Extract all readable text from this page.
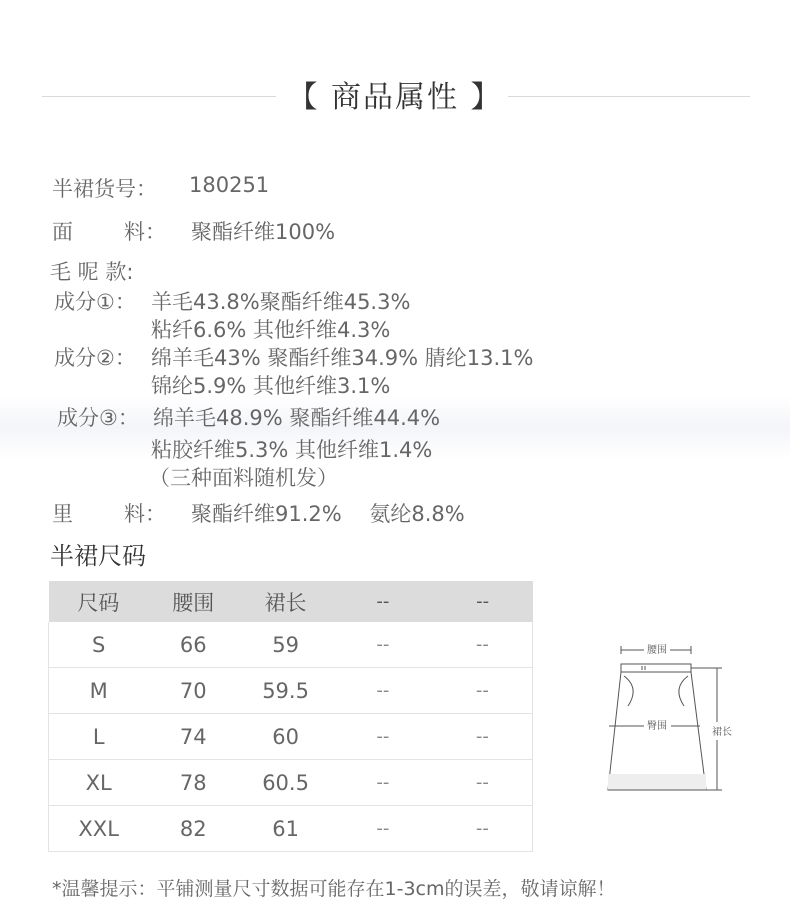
【 商品属性 】
半裙货号： 180251
面 料： 聚酯纤维100%
毛 呢 款:
成分①： 羊毛43.8%聚酯纤维45.3%
粘纤6.6% 其他纤维4.3%
成分②： 绵羊毛43% 聚酯纤维34.9% 腈纶13.1%
锦纶5.9% 其他纤维3.1%
成分③： 绵羊毛48.9% 聚酯纤维44.4%
粘胶纤维5.3% 其他纤维1.4%
（三种面料随机发）
里 料： 聚酯纤维91.2%　 氨纶8.8%
半裙尺码
尺码	腰围	裙长	--	--
S	66	59	--	--
M	70	59.5	--	--
L	74	60	--	--
XL	78	60.5	--	--
XXL	82	61	--	--
腰围
臀围
裙长
*温馨提示：平铺测量尺寸数据可能存在1-3cm的误差，敬请谅解！
